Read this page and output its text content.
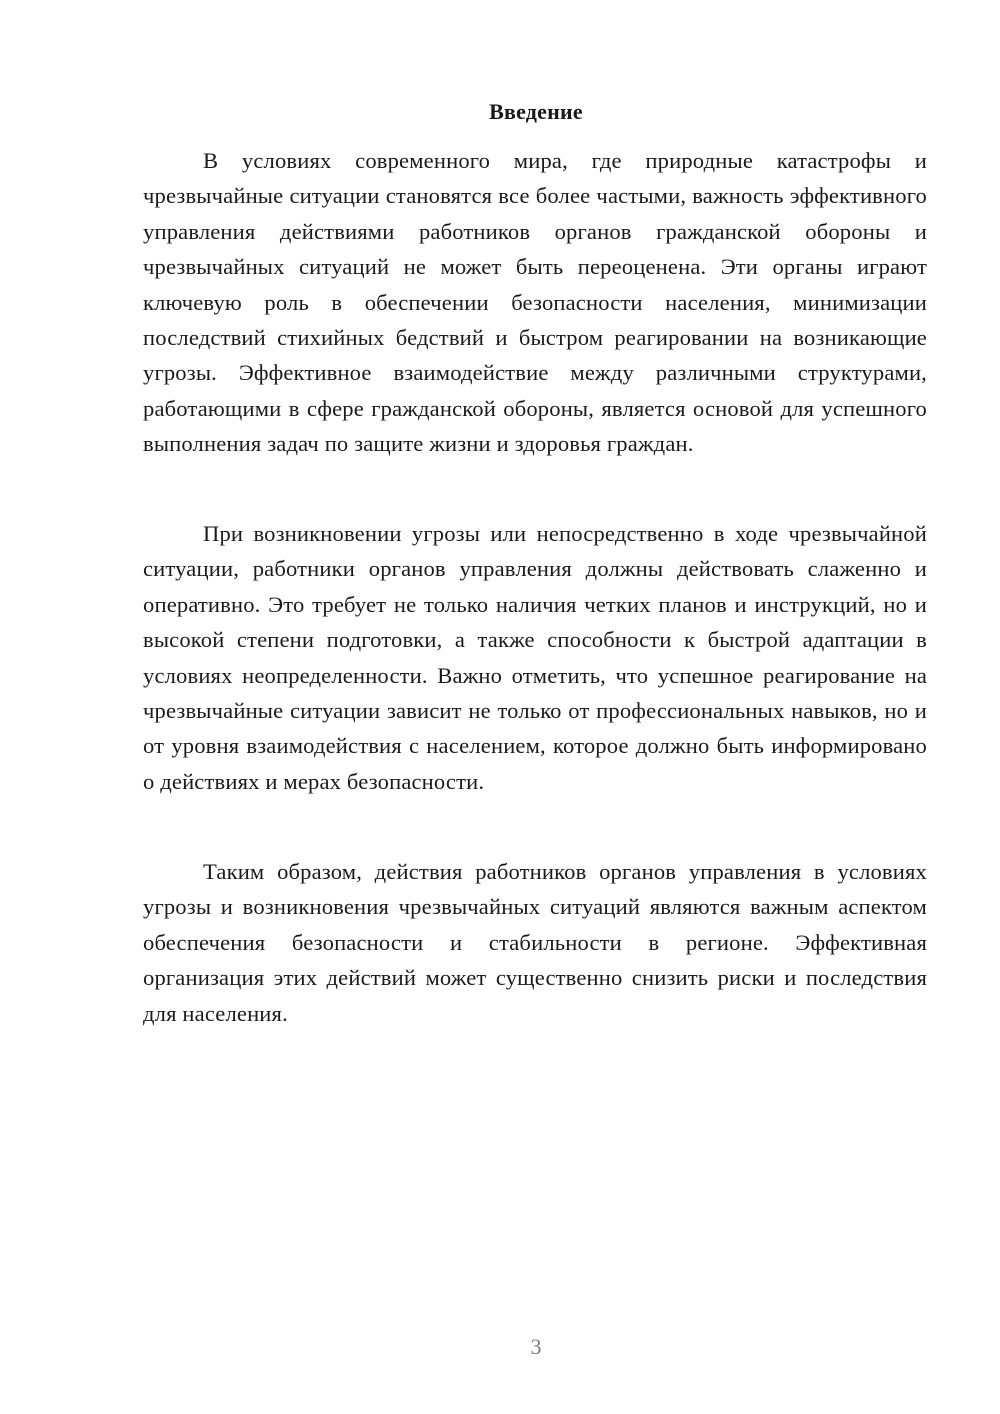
Введение

В условиях современного мира, где природные катастрофы и чрезвычайные ситуации становятся все более частыми, важность эффективного управления действиями работников органов гражданской обороны и чрезвычайных ситуаций не может быть переоценена. Эти органы играют ключевую роль в обеспечении безопасности населения, минимизации последствий стихийных бедствий и быстром реагировании на возникающие угрозы. Эффективное взаимодействие между различными структурами, работающими в сфере гражданской обороны, является основой для успешного выполнения задач по защите жизни и здоровья граждан.

При возникновении угрозы или непосредственно в ходе чрезвычайной ситуации, работники органов управления должны действовать слаженно и оперативно. Это требует не только наличия четких планов и инструкций, но и высокой степени подготовки, а также способности к быстрой адаптации в условиях неопределенности. Важно отметить, что успешное реагирование на чрезвычайные ситуации зависит не только от профессиональных навыков, но и от уровня взаимодействия с населением, которое должно быть информировано о действиях и мерах безопасности.

Таким образом, действия работников органов управления в условиях угрозы и возникновения чрезвычайных ситуаций являются важным аспектом обеспечения безопасности и стабильности в регионе. Эффективная организация этих действий может существенно снизить риски и последствия для населения.

3
